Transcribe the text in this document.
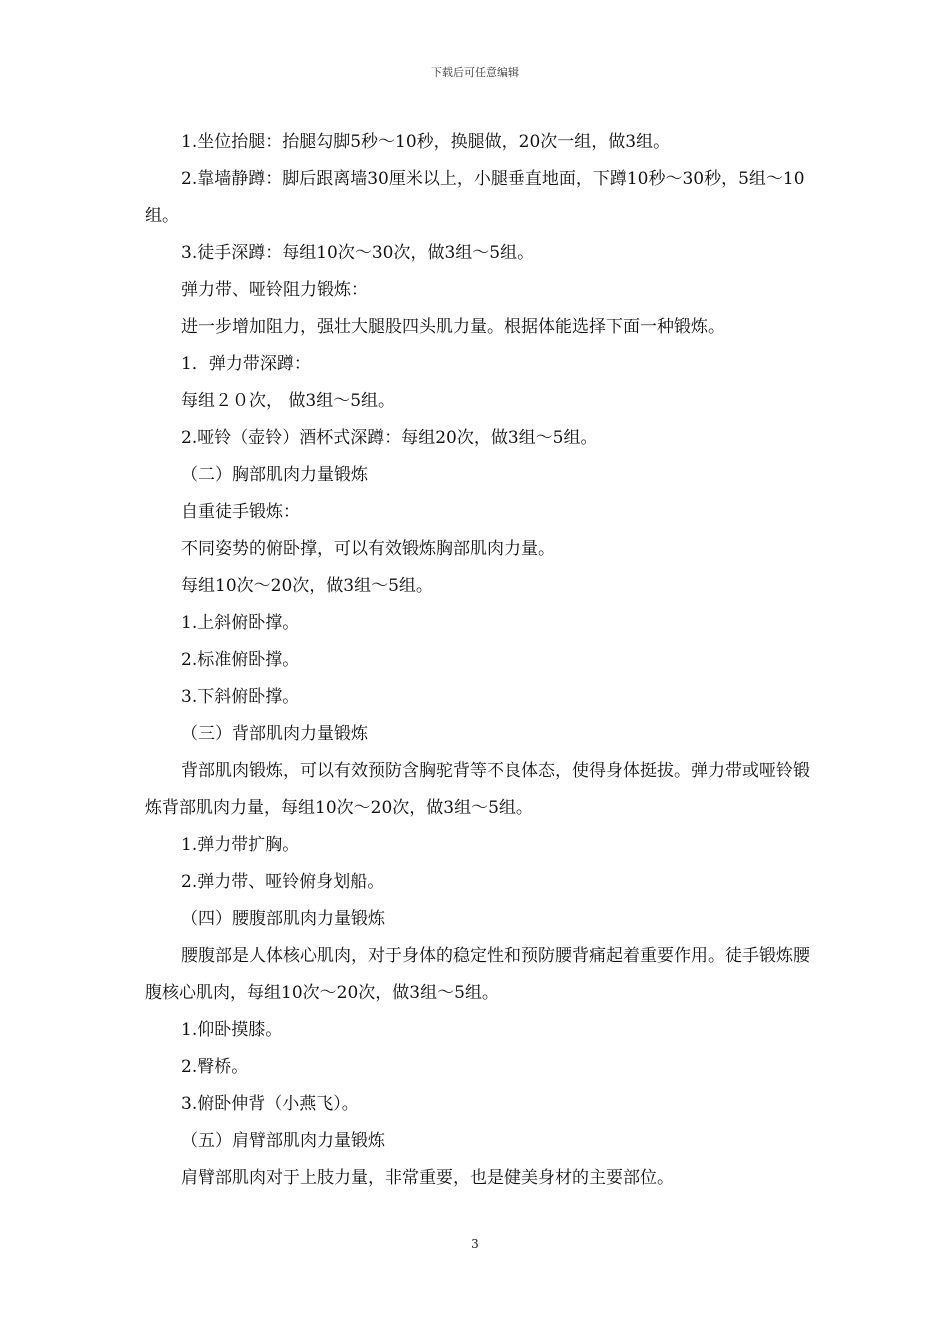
下载后可任意编辑

1.坐位抬腿：抬腿勾脚5秒～10秒，换腿做，20次一组，做3组。

2.靠墙静蹲：脚后跟离墙30厘米以上，小腿垂直地面，下蹲10秒～30秒，5组～10组。

3.徒手深蹲：每组10次～30次，做3组～5组。

弹力带、哑铃阻力锻炼：

进一步增加阻力，强壮大腿股四头肌力量。根据体能选择下面一种锻炼。

1．弹力带深蹲：

每组２０次， 做3组～5组。

2.哑铃（壶铃）酒杯式深蹲：每组20次，做3组～5组。

（二）胸部肌肉力量锻炼

自重徒手锻炼：

不同姿势的俯卧撑，可以有效锻炼胸部肌肉力量。

每组10次～20次，做3组～5组。

1.上斜俯卧撑。

2.标准俯卧撑。

3.下斜俯卧撑。

（三）背部肌肉力量锻炼

背部肌肉锻炼，可以有效预防含胸驼背等不良体态，使得身体挺拔。弹力带或哑铃锻炼背部肌肉力量，每组10次～20次，做3组～5组。

1.弹力带扩胸。

2.弹力带、哑铃俯身划船。

（四）腰腹部肌肉力量锻炼

腰腹部是人体核心肌肉，对于身体的稳定性和预防腰背痛起着重要作用。徒手锻炼腰腹核心肌肉，每组10次～20次，做3组～5组。

1.仰卧摸膝。

2.臀桥。

3.俯卧伸背（小燕飞）。

（五）肩臂部肌肉力量锻炼

肩臂部肌肉对于上肢力量，非常重要，也是健美身材的主要部位。

3
